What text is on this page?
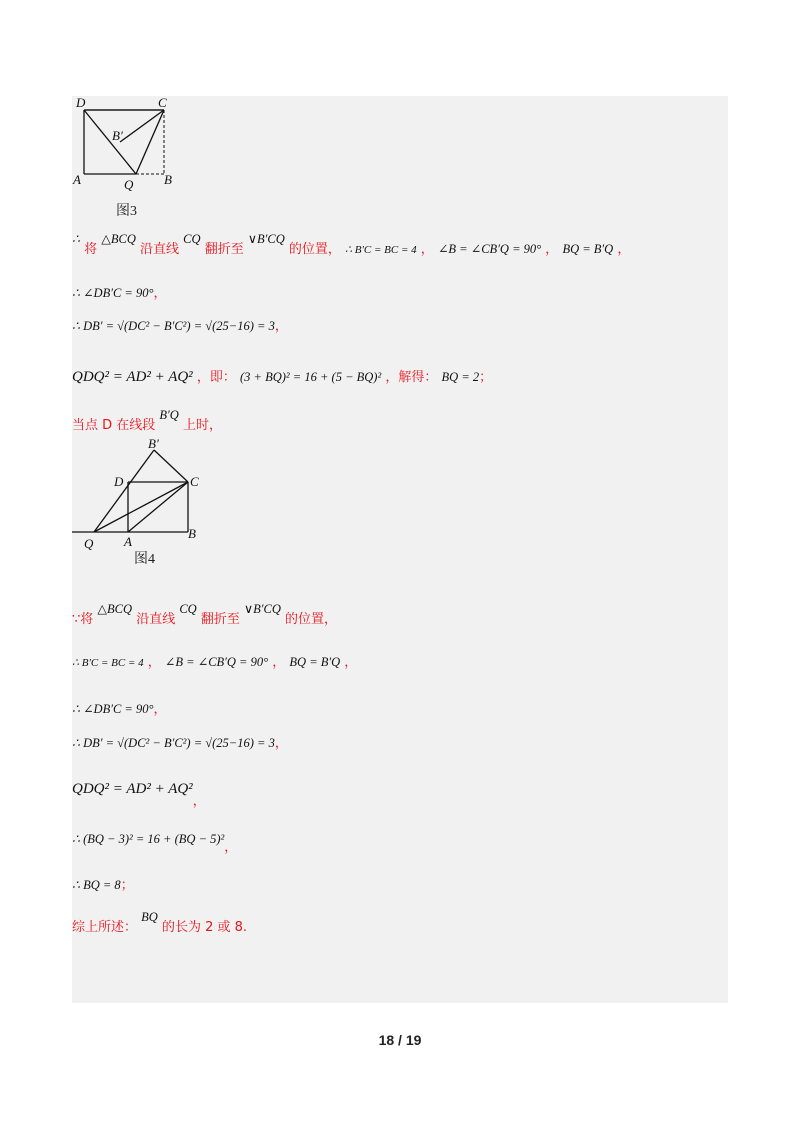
D	C
B′
A	Q B
图3
∴ 将 △BCQ 沿直线 CQ 翻折至 ∨B′CQ 的位置， ∴ B′C = BC = 4 ， ∠B = ∠CB′Q = 90° ， BQ = B′Q ，
∴ ∠DB′C = 90°，
∴ DB′ = √(DC² − B′C²) = √(25−16) = 3，
QDQ² = AD² + AQ² ，即： (3 + BQ)² = 16 + (5 − BQ)² ，解得： BQ = 2；
当点 D 在线段 B′Q 上时，
B′
D	C
Q A
B
图4
∵将 △BCQ 沿直线 CQ 翻折至 ∨B′CQ 的位置，
∴ B′C = BC = 4 ， ∠B = ∠CB′Q = 90° ， BQ = B′Q ，
∴ ∠DB′C = 90°，
∴ DB′ = √(DC² − B′C²) = √(25−16) = 3，
QDQ² = AD² + AQ²，
∴ (BQ − 3)² = 16 + (BQ − 5)²，
∴ BQ = 8；
综上所述： BQ 的长为 2 或 8.
18 / 19
